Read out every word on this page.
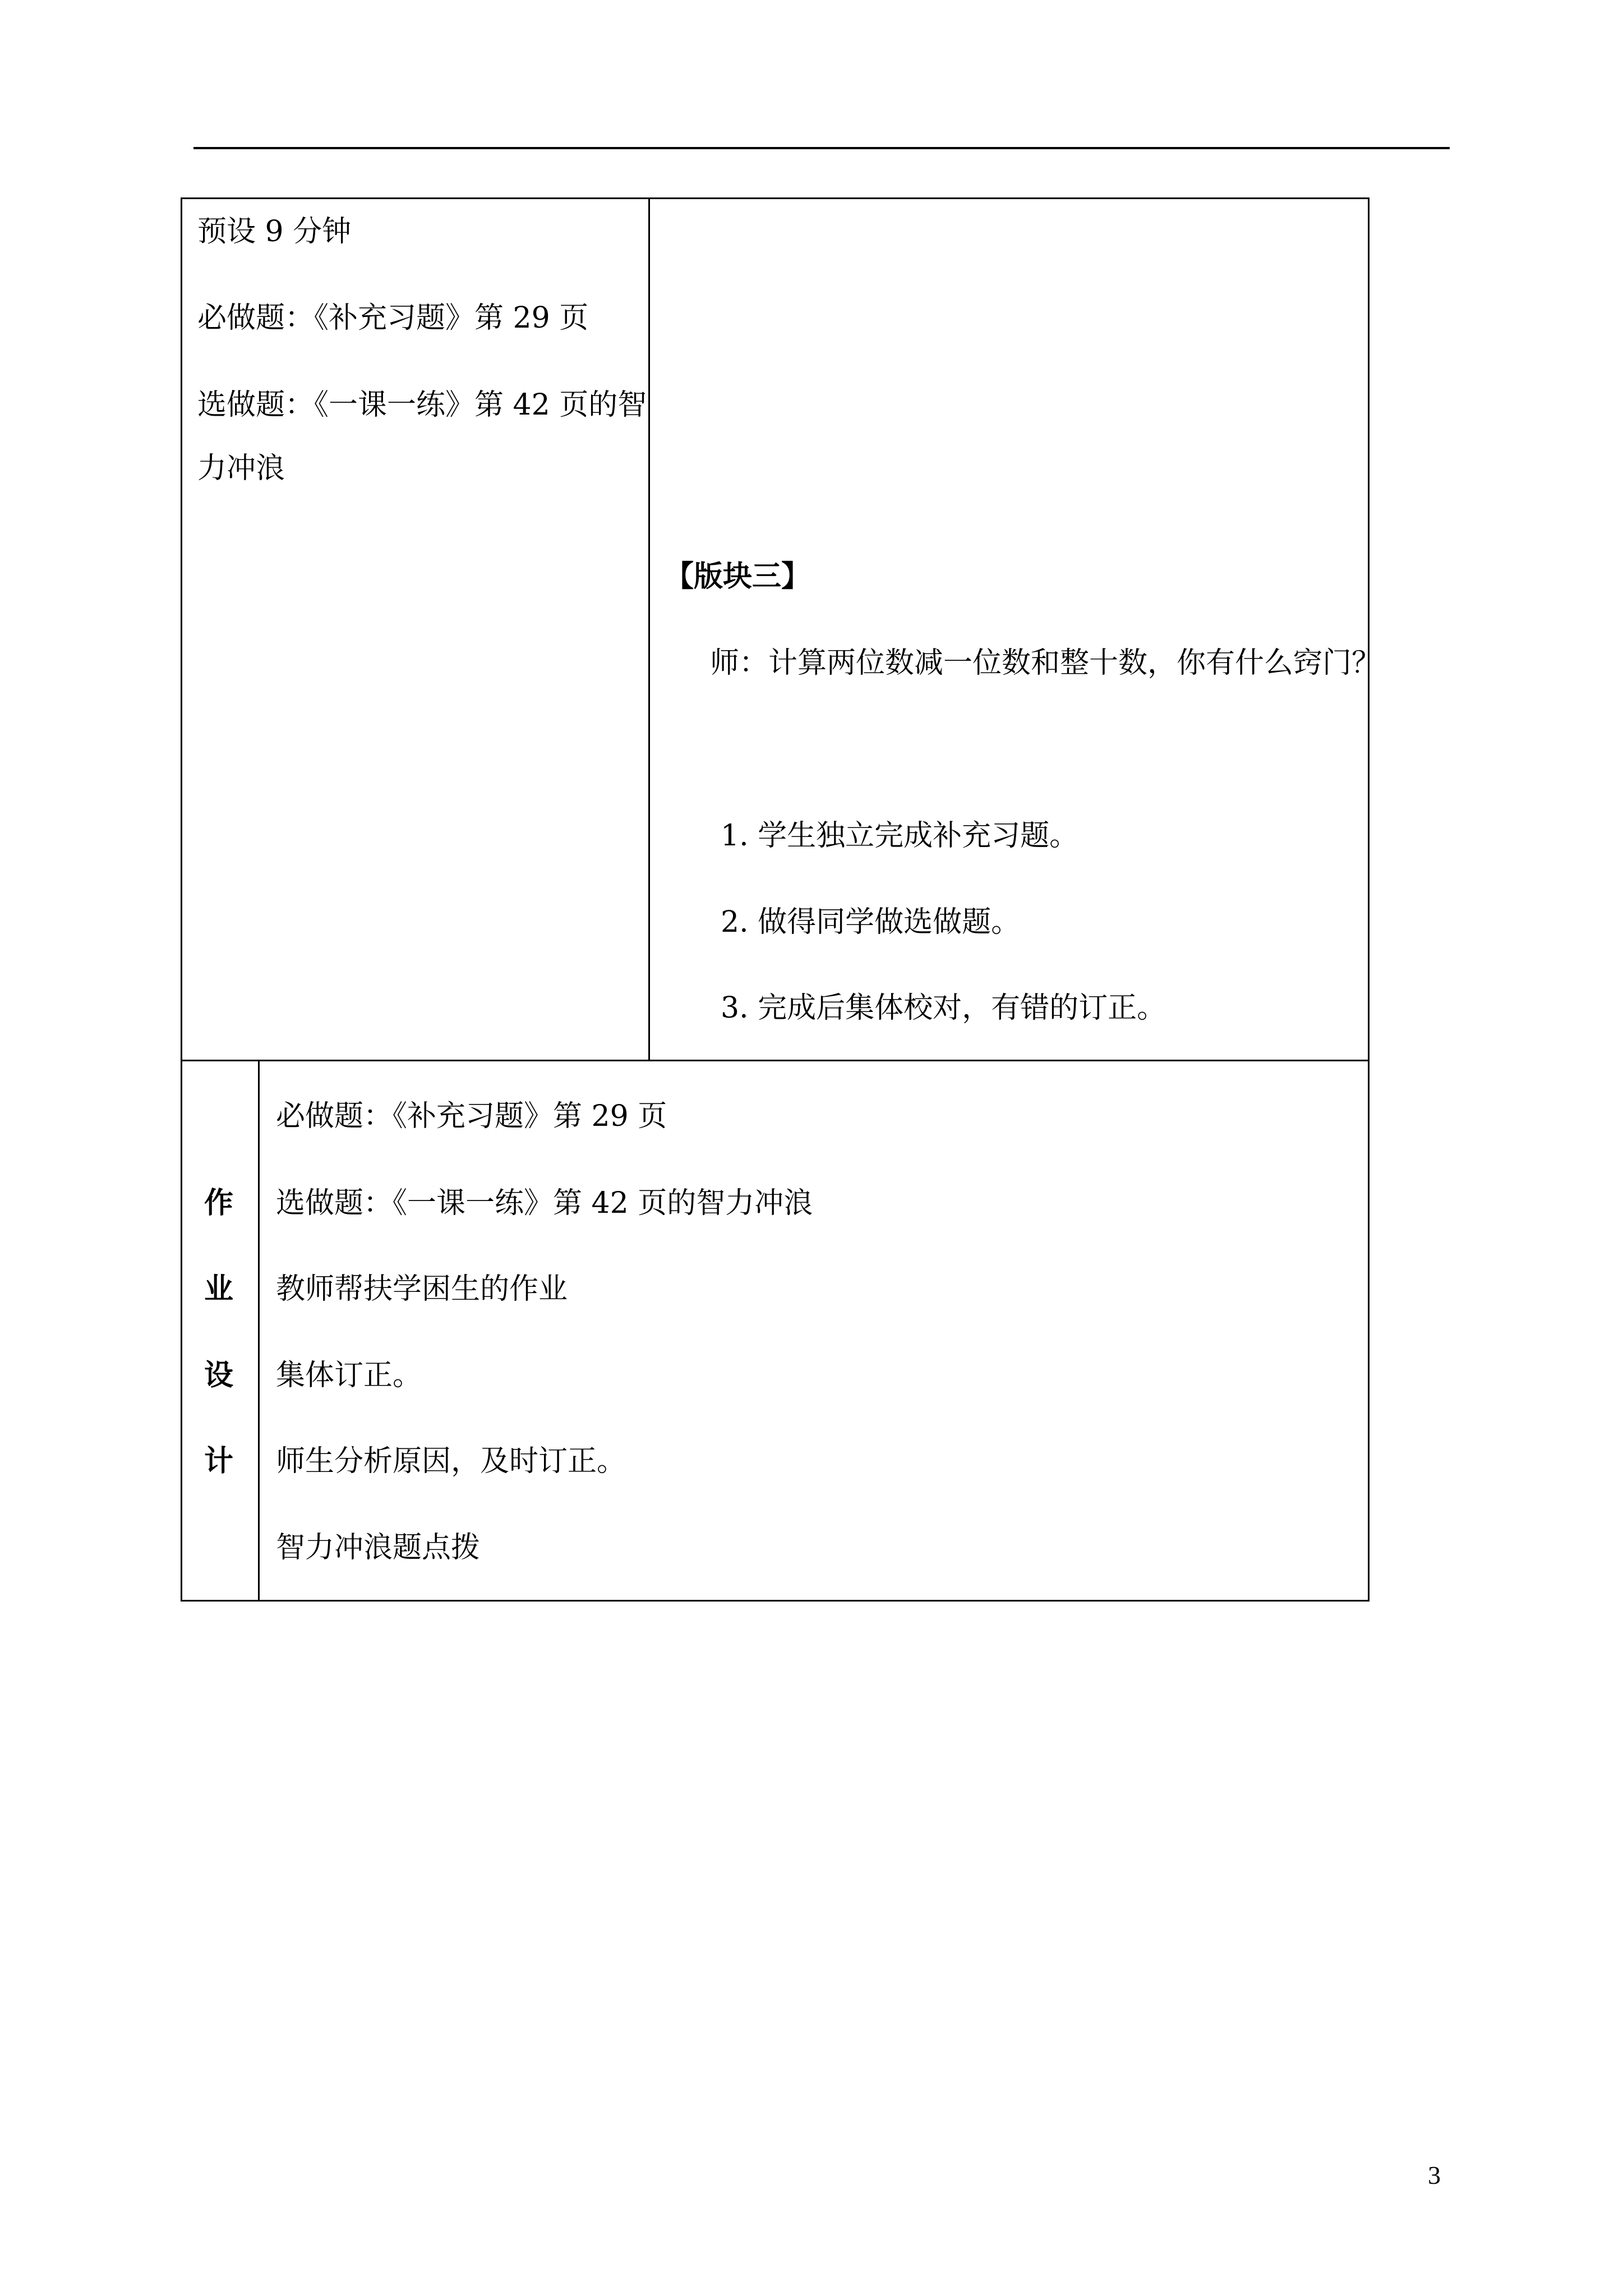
预设 9 分钟
必做题：《补充习题》第 29 页
选做题：《一课一练》第 42 页的智
力冲浪
【版块三】
师：计算两位数减一位数和整十数，你有什么窍门？
1. 学生独立完成补充习题。
2. 做得同学做选做题。
3. 完成后集体校对，有错的订正。
作
业
设
计
必做题：《补充习题》第 29 页
选做题：《一课一练》第 42 页的智力冲浪
教师帮扶学困生的作业
集体订正。
师生分析原因，及时订正。
智力冲浪题点拨
3
